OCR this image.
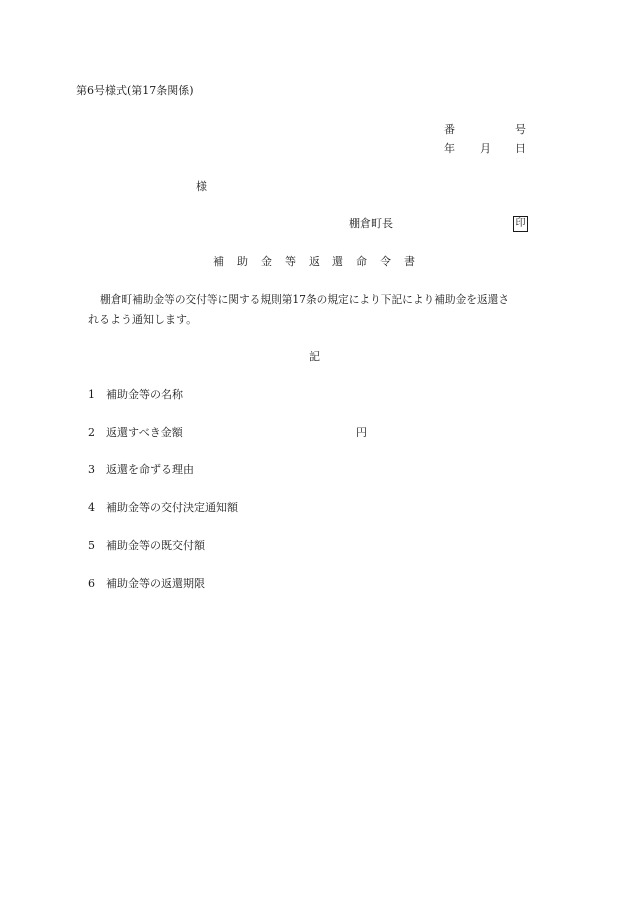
第6号様式(第17条関係)
番	号
年 月 日
様
棚倉町長	印
補 助 金 等 返 還 命 令 書
棚倉町補助金等の交付等に関する規則第17条の規定により下記により補助金を返還さ
れるよう通知します。
記
1 補助金等の名称
2 返還すべき金額	円
3 返還を命ずる理由
4 補助金等の交付決定通知額
5 補助金等の既交付額
6 補助金等の返還期限
